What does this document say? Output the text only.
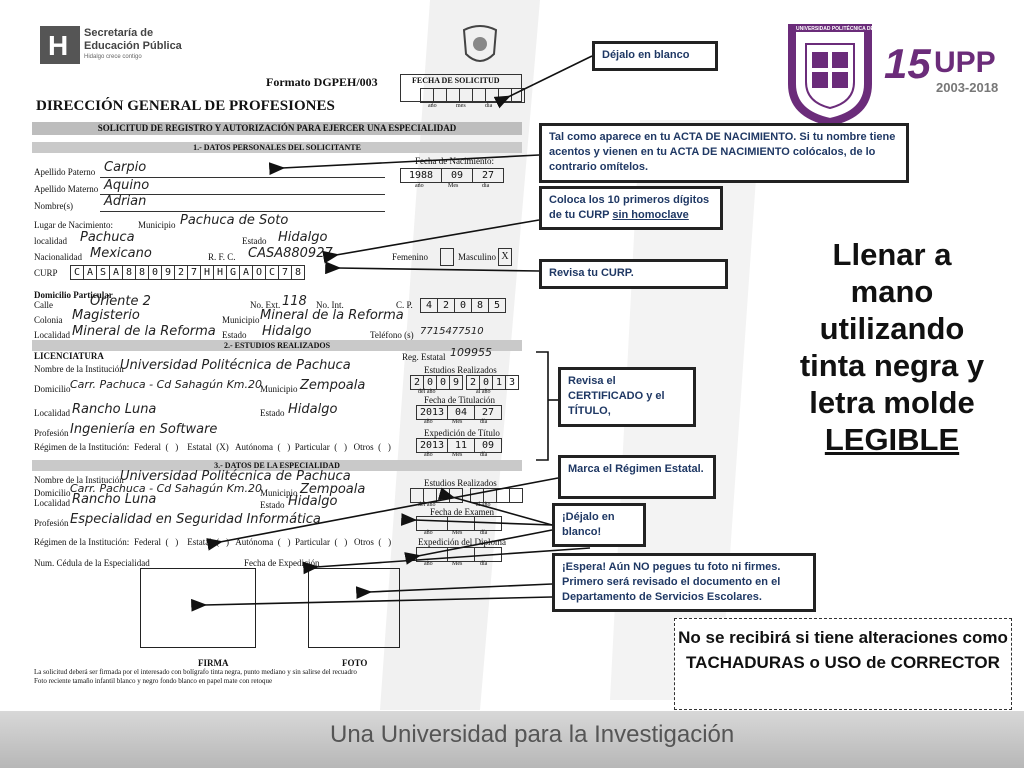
H Secretaría de
Educación Pública
Hidalgo crece contigo
Formato DGPEH/003	FECHA DE SOLICITUD
año	mes	día
DIRECCIÓN GENERAL DE PROFESIONES
SOLICITUD DE REGISTRO Y AUTORIZACIÓN PARA EJERCER UNA ESPECIALIDAD
1.- DATOS PERSONALES DEL SOLICITANTE
Fecha de Nacimiento:
Apellido Paterno Carpio
1988	09	27
año	Mes	día
Apellido Materno Aquino
Nombre(s) Adrian
Lugar de Nacimiento:	Municipio Pachuca de Soto
localidad Pachuca	Estado Hidalgo
Nacionalidad Mexicano	R. F. C. CASA880927	Femenino	Masculino X
CURP	C A S A 8 8 0 9 2 7 H H G A O C 7 8
Domicilio Particular
Calle	Oriente 2	No. Ext. 118 No. Int.	C. P.	4	2	0	8	5
Colonia Magisterio	Municipio Mineral de la Reforma
Localidad Mineral de la Reforma Estado Hidalgo	Teléfono (s) 7715477510
2.- ESTUDIOS REALIZADOS
LICENCIATURA	Reg. Estatal 109955
Nombre de la Institución
Universidad Politécnica de Pachuca	Estudios Realizados
2 0 0 9	2 0 1 3
del año	al año
Domicilio Carr. Pachuca - Cd Sahagún Km.20
Municipio Zempoala
Fecha de Titulación
2013	04	27
Localidad Rancho Luna	Estado Hidalgo
año	Mes	día
Profesión Ingeniería en Software	Expedición de Título
2013	11	09
Régimen de la Institución: Federal  (   )    Estatal  (X)   Autónoma  (   )  Particular  (   )   Otros  (   )
año	Mes	día
3.- DATOS DE LA ESPECIALIDAD
Nombre de la Institución
Universidad Politécnica de Pachuca	Estudios Realizados
Domicilio Carr. Pachuca - Cd Sahagún Km.20
Municipio Zempoala
Localidad Rancho Luna	Estado Hidalgo	del año	al año
Fecha de Examen
Profesión Especialidad en Seguridad Informática
año	Mes	día
Régimen de la Institución: Federal  (   )    Estatal  (   )   Autónoma  (   )  Particular  (   )   Otros  (   )	Expedición del Diploma
Num. Cédula de la Especialidad	Fecha de Expedición	año	Mes	día
FIRMA	FOTO
La solicitud deberá ser firmada por el interesado con bolígrafo tinta negra, punto mediano y sin salirse del recuadro
Foto reciente tamaño infantil blanco y negro fondo blanco en papel mate con retoque
UNIVERSIDAD POLITÉCNICA DE PACHUCA
15 UPP
2003-2018
Déjalo en blanco
Tal como aparece en tu ACTA DE NACIMIENTO. Si tu nombre tiene acentos y vienen en tu ACTA DE NACIMIENTO colócalos, de lo contrario omítelos.
Coloca los 10 primeros dígitos de tu CURP sin homoclave
Revisa tu CURP.
Revisa el CERTIFICADO y el TÍTULO,
Marca el Régimen Estatal.
¡Déjalo en blanco!
¡Espera! Aún NO pegues tu foto ni firmes. Primero será revisado el documento en el Departamento de Servicios Escolares.
Llenar a
mano
utilizando
tinta negra y
letra molde
LEGIBLE
No se recibirá si tiene alteraciones como TACHADURAS o USO de CORRECTOR
Una Universidad para la Investigación
